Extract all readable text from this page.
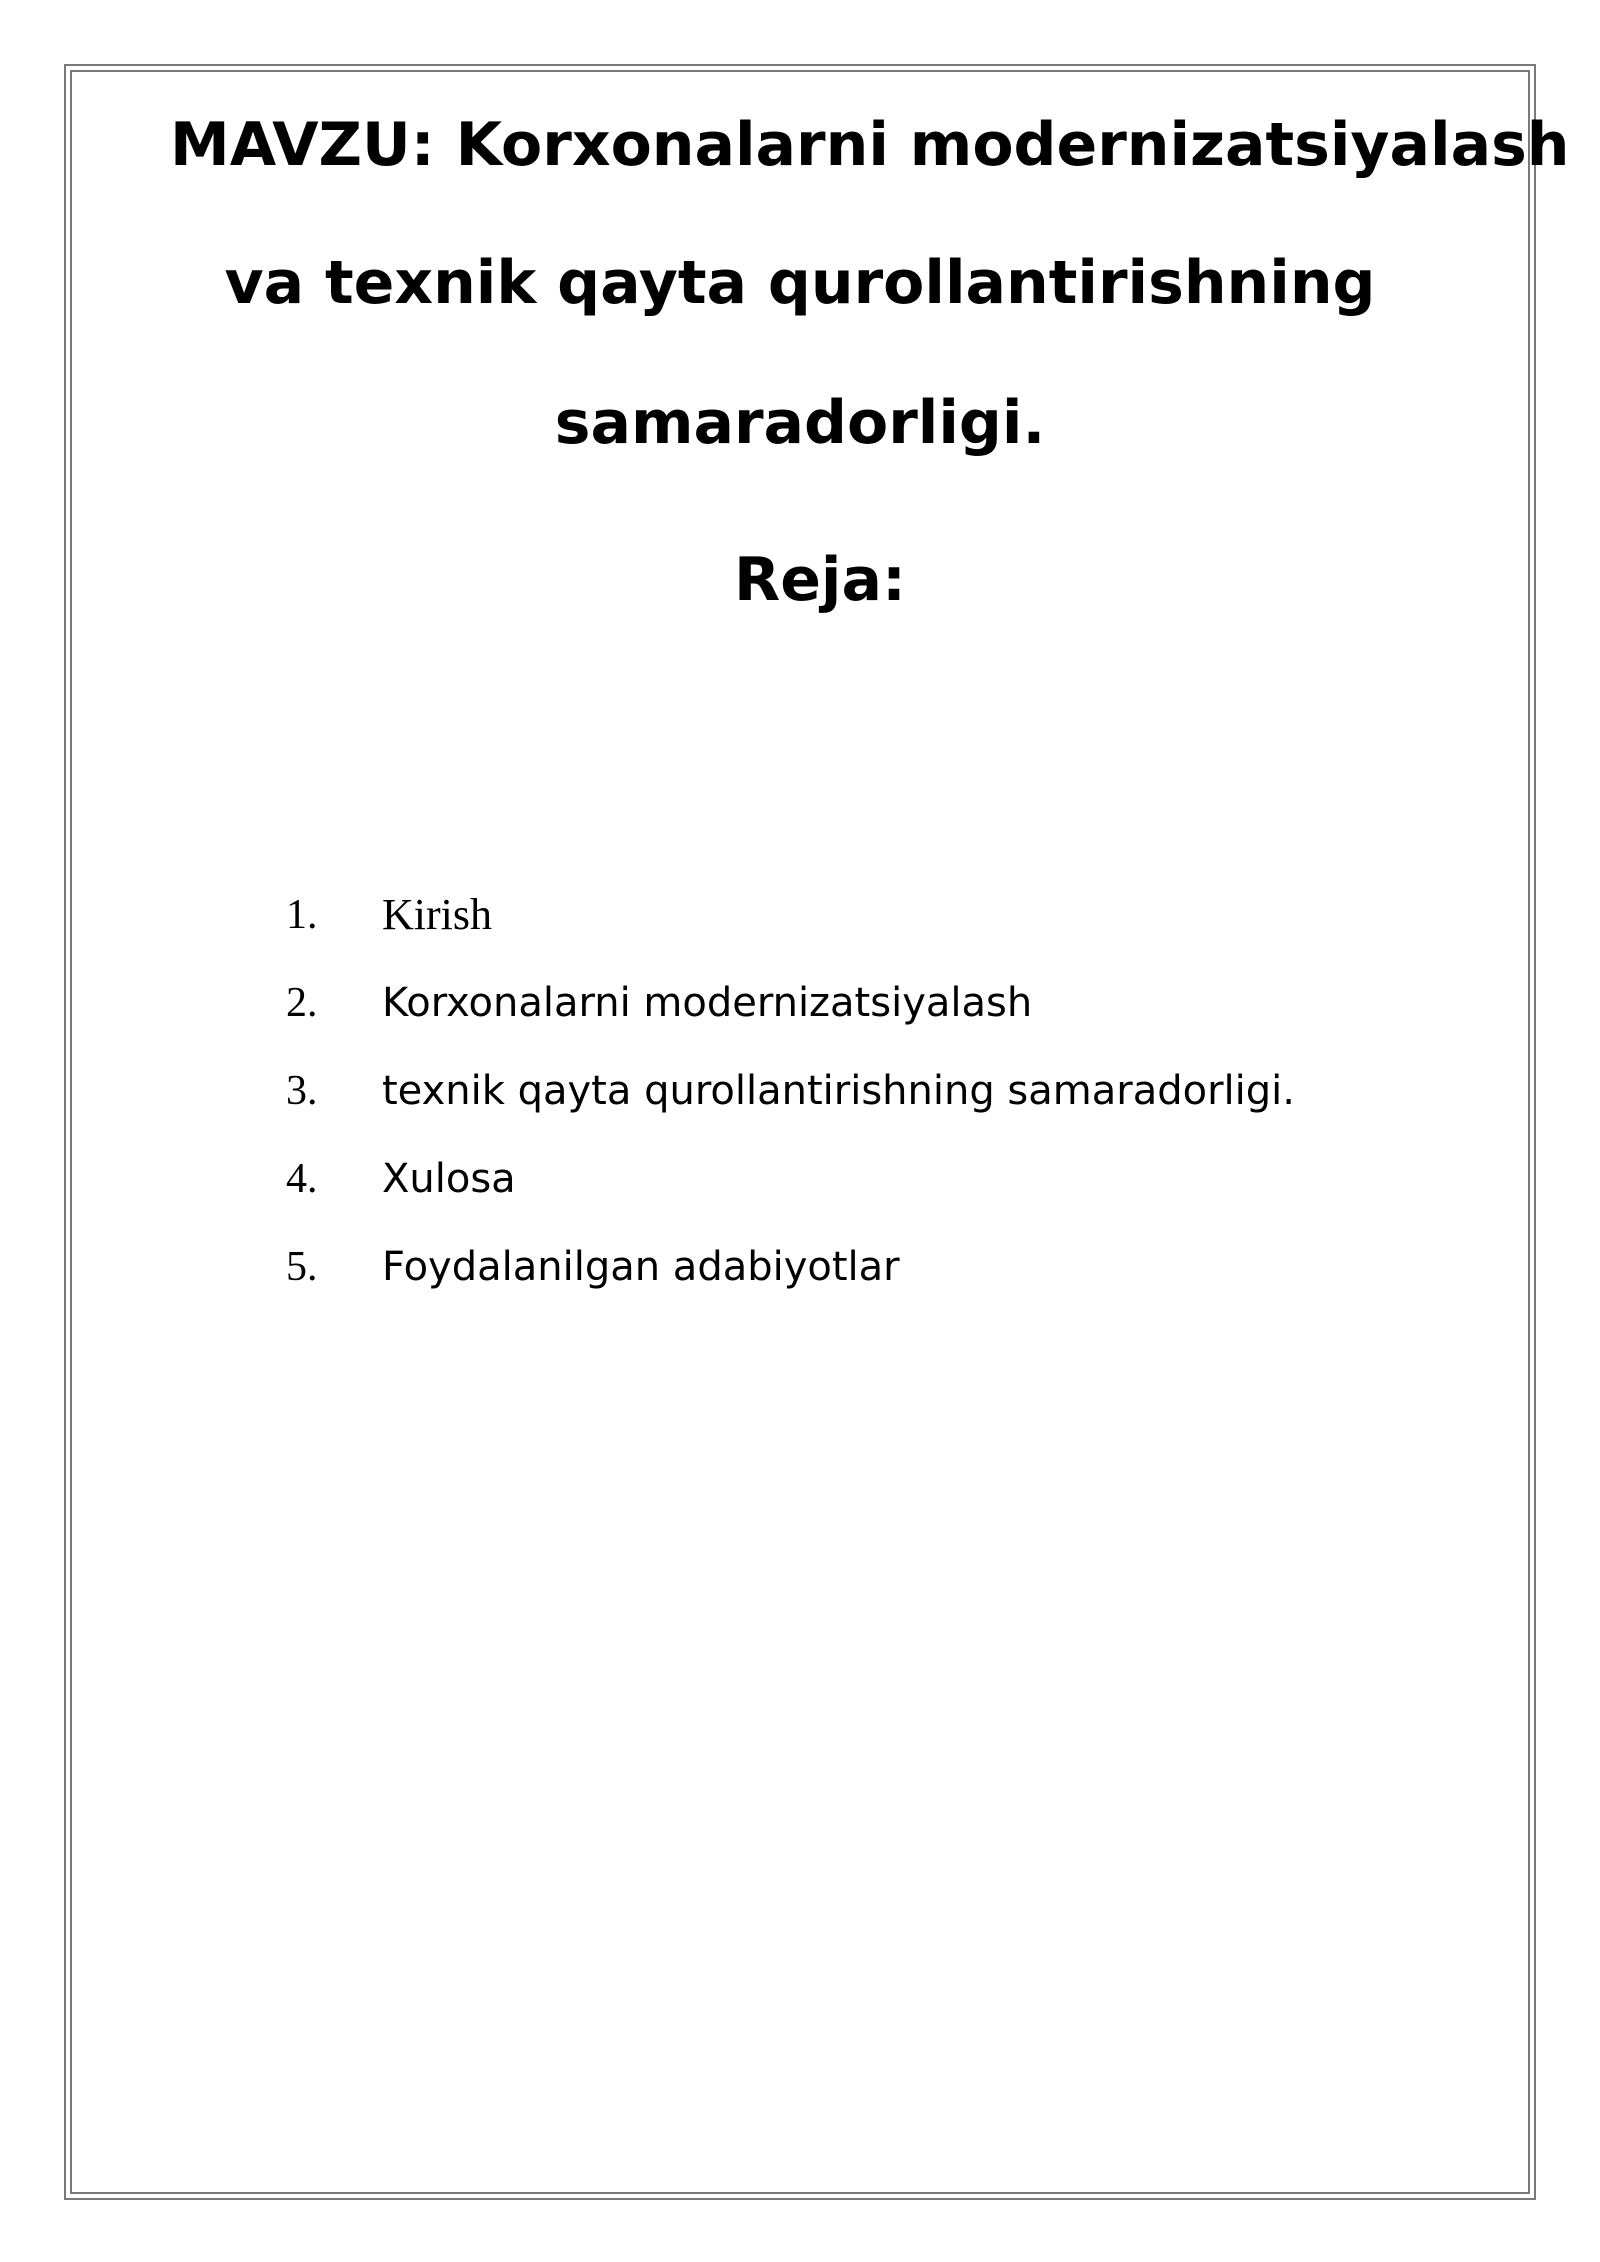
MAVZU: Korxonalarni modernizatsiyalash
va texnik qayta qurollantirishning
samaradorligi.
Reja:
1. Kirish
2. Korxonalarni modernizatsiyalash
3. texnik qayta qurollantirishning samaradorligi.
4. Xulosa
5. Foydalanilgan adabiyotlar
